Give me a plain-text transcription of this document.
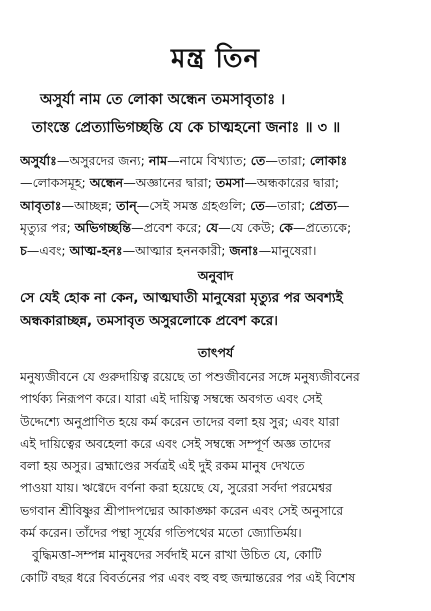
মন্ত্র তিন
অসুর্যা নাম তে লোকা অন্ধেন তমসাবৃতাঃ ।
তাংস্তে প্রেত্যাভিগচ্ছন্তি যে কে চাত্মহনো জনাঃ ॥ ৩ ॥
অসুর্যাঃ—অসুরদের জন্য; নাম—নামে বিখ্যাত; তে—তারা; লোকাঃ
—লোকসমূহ; অন্ধেন—অজ্ঞানের দ্বারা; তমসা—অন্ধকারের দ্বারা;
আবৃতাঃ—আচ্ছন্ন; তান্—সেই সমস্ত গ্রহগুলি; তে—তারা; প্রেত্য—
মৃত্যুর পর; অভিগচ্ছন্তি—প্রবেশ করে; যে—যে কেউ; কে—প্রত্যেকে;
চ—এবং; আত্ম-হনঃ—আত্মার হননকারী; জনাঃ—মানুষেরা।
অনুবাদ
সে যেই হোক না কেন, আত্মঘাতী মানুষেরা মৃত্যুর পর অবশ্যই
অন্ধকারাচ্ছন্ন, তমসাবৃত অসুরলোকে প্রবেশ করে।
তাৎপর্য
মনুষ্যজীবনে যে গুরুদায়িত্ব রয়েছে তা পশুজীবনের সঙ্গে মনুষ্যজীবনের
পার্থক্য নিরূপণ করে। যারা এই দায়িত্ব সম্বন্ধে অবগত এবং সেই
উদ্দেশ্যে অনুপ্রাণিত হয়ে কর্ম করেন তাদের বলা হয় সুর; এবং যারা
এই দায়িত্বের অবহেলা করে এবং সেই সম্বন্ধে সম্পূর্ণ অজ্ঞ তাদের
বলা হয় অসুর। ব্রহ্মাণ্ডের সর্বত্রই এই দুই রকম মানুষ দেখতে
পাওয়া যায়। ঋগ্বেদে বর্ণনা করা হয়েছে যে, সুরেরা সর্বদা পরমেশ্বর
ভগবান শ্রীবিষ্ণুর শ্রীপাদপদ্মের আকাঙ্ক্ষা করেন এবং সেই অনুসারে
কর্ম করেন। তাঁদের পন্থা সূর্যের গতিপথের মতো জ্যোতির্ময়।
বুদ্ধিমত্তা-সম্পন্ন মানুষদের সর্বদাই মনে রাখা উচিত যে, কোটি
কোটি বছর ধরে বিবর্তনের পর এবং বহু বহু জন্মান্তরের পর এই বিশেষ
